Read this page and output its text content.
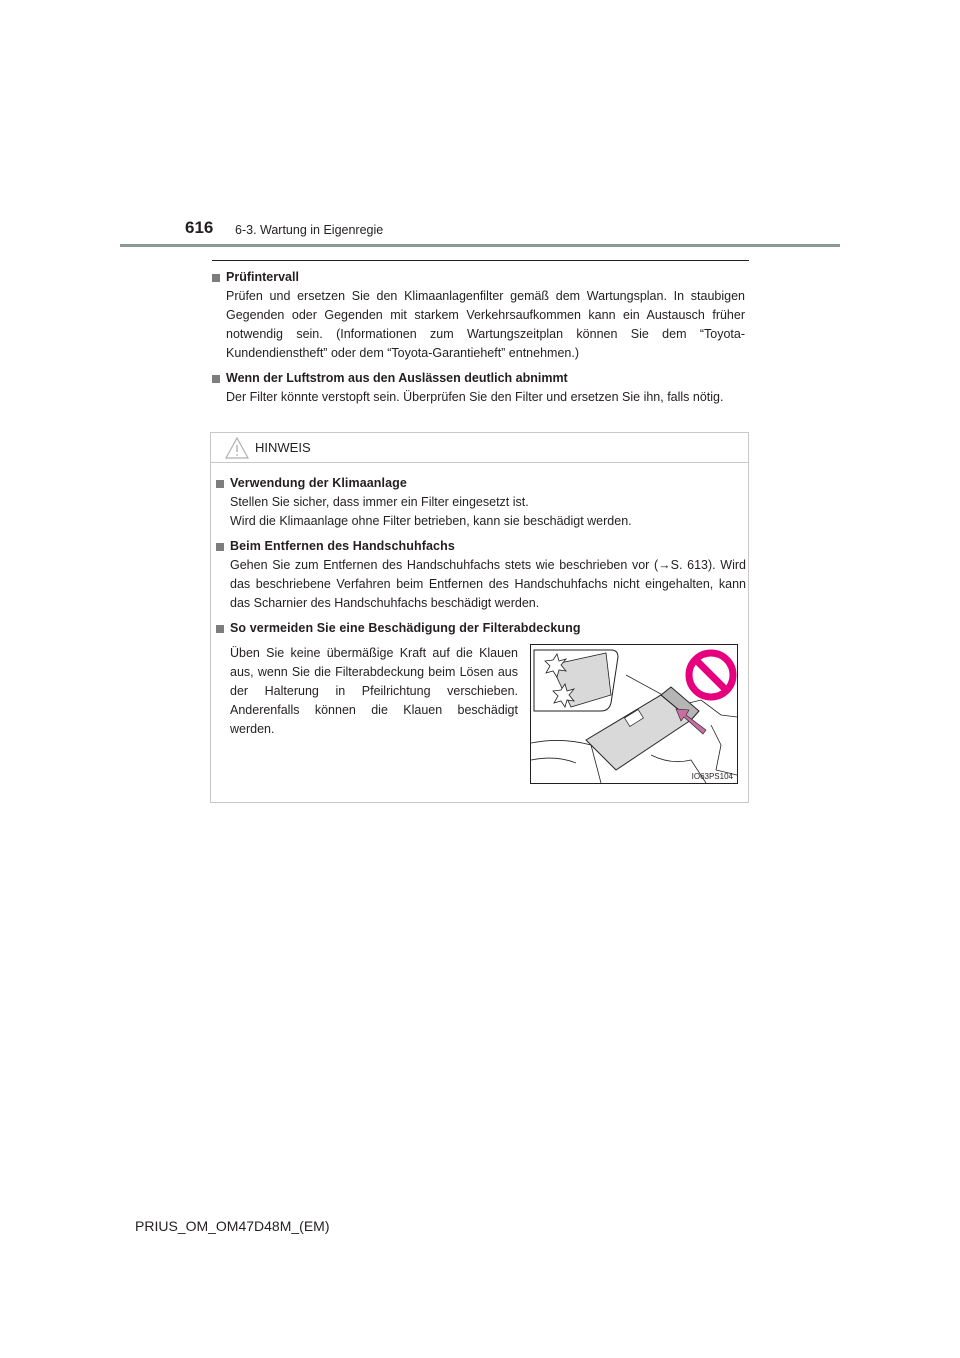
616 6-3. Wartung in Eigenregie
Prüfintervall
Prüfen und ersetzen Sie den Klimaanlagenfilter gemäß dem Wartungsplan. In staubigen Gegenden oder Gegenden mit starkem Verkehrsaufkommen kann ein Austausch früher notwendig sein. (Informationen zum Wartungszeitplan können Sie dem “Toyota-Kundendienstheft” oder dem “Toyota-Garantieheft” entnehmen.)
Wenn der Luftstrom aus den Auslässen deutlich abnimmt
Der Filter könnte verstopft sein. Überprüfen Sie den Filter und ersetzen Sie ihn, falls nötig.
HINWEIS
Verwendung der Klimaanlage
Stellen Sie sicher, dass immer ein Filter eingesetzt ist.
Wird die Klimaanlage ohne Filter betrieben, kann sie beschädigt werden.
Beim Entfernen des Handschuhfachs
Gehen Sie zum Entfernen des Handschuhfachs stets wie beschrieben vor (→S. 613). Wird das beschriebene Verfahren beim Entfernen des Handschuhfachs nicht eingehalten, kann das Scharnier des Handschuhfachs beschädigt werden.
So vermeiden Sie eine Beschädigung der Filterabdeckung
Üben Sie keine übermäßige Kraft auf die Klauen aus, wenn Sie die Filterabdeckung beim Lösen aus der Halterung in Pfeilrichtung verschieben. Anderenfalls können die Klauen beschädigt werden.
IO63PS104
PRIUS_OM_OM47D48M_(EM)
